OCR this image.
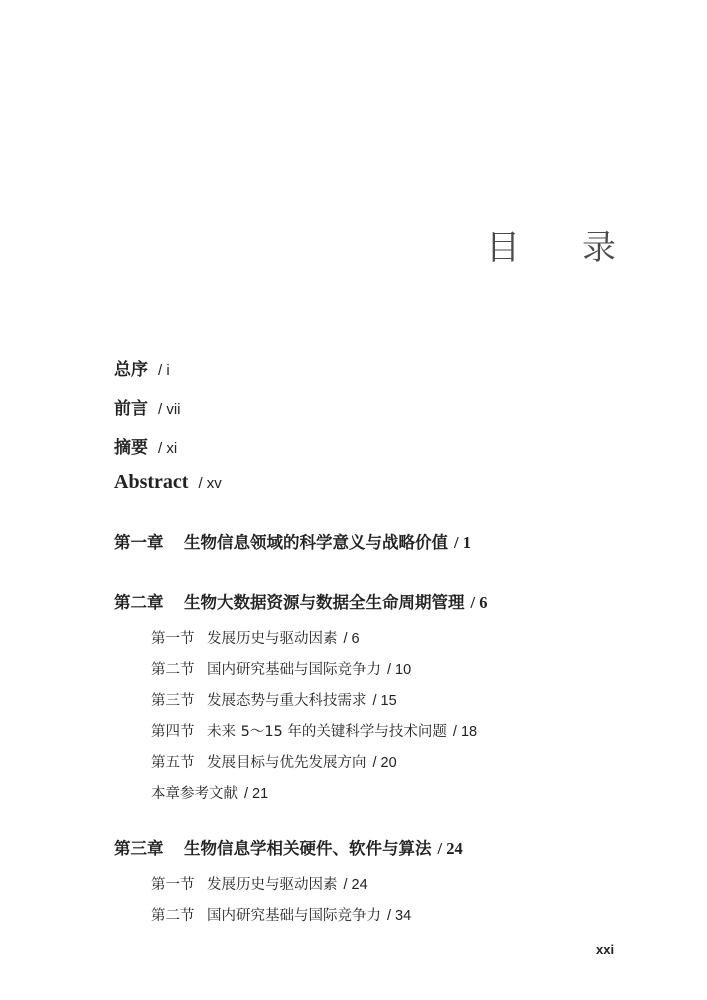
目 录
总序 / i
前言 / vii
摘要 / xi
Abstract / xv
第一章 生物信息领域的科学意义与战略价值 / 1
第二章 生物大数据资源与数据全生命周期管理 / 6
第一节 发展历史与驱动因素 / 6
第二节 国内研究基础与国际竞争力 / 10
第三节 发展态势与重大科技需求 / 15
第四节 未来 5～15 年的关键科学与技术问题 / 18
第五节 发展目标与优先发展方向 / 20
本章参考文献 / 21
第三章 生物信息学相关硬件、软件与算法 / 24
第一节 发展历史与驱动因素 / 24
第二节 国内研究基础与国际竞争力 / 34
xxi
